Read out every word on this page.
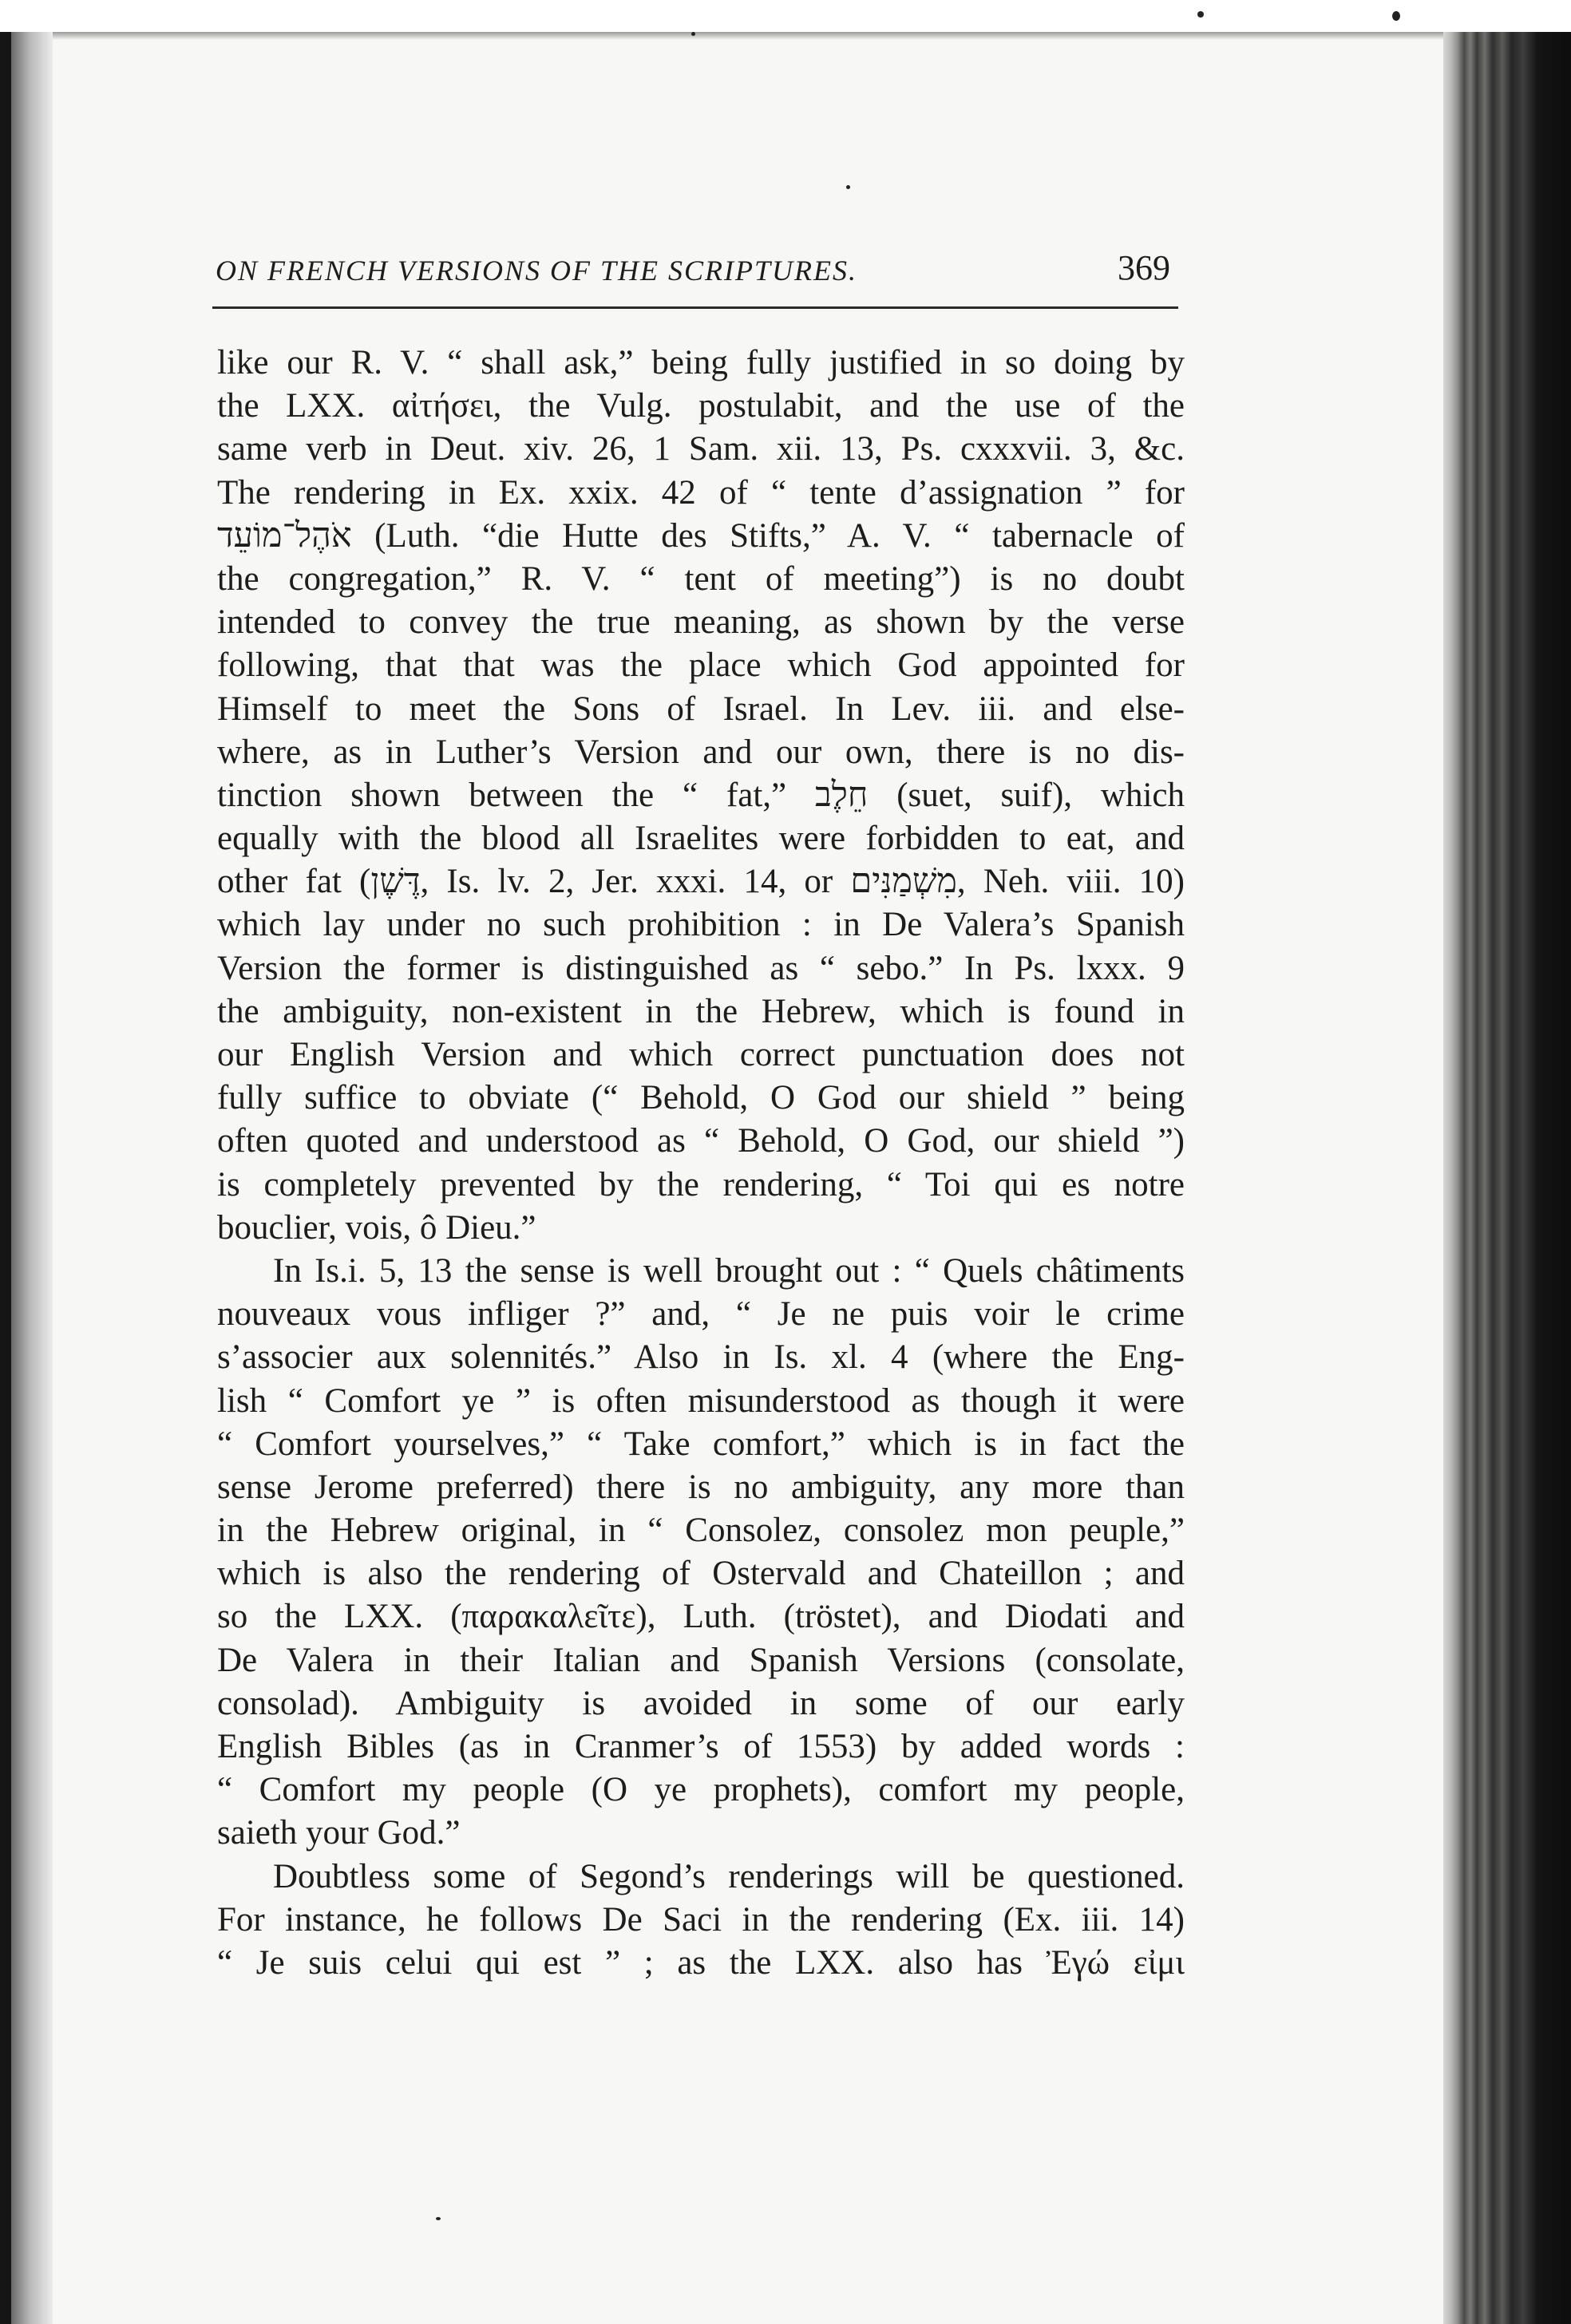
ON FRENCH VERSIONS OF THE SCRIPTURES.	369
like our R. V. “ shall ask,” being fully justified in so doing by
the LXX. αἰτήσει, the Vulg. postulabit, and the use of the
same verb in Deut. xiv. 26, 1 Sam. xii. 13, Ps. cxxxvii. 3, &c.
The rendering in Ex. xxix. 42 of “ tente d’assignation ” for
אֹהֶל־מוֹעֵד (Luth. “die Hutte des Stifts,” A. V. “ tabernacle of
the congregation,” R. V. “ tent of meeting”) is no doubt
intended to convey the true meaning, as shown by the verse
following, that that was the place which God appointed for
Himself to meet the Sons of Israel. In Lev. iii. and else-
where, as in Luther’s Version and our own, there is no dis-
tinction shown between the “ fat,” חֵלֶב (suet, suif), which
equally with the blood all Israelites were forbidden to eat, and
other fat (דֶּשֶׁן, Is. lv. 2, Jer. xxxi. 14, or מִשְׁמַנִּים, Neh. viii. 10)
which lay under no such prohibition : in De Valera’s Spanish
Version the former is distinguished as “ sebo.” In Ps. lxxx. 9
the ambiguity, non-existent in the Hebrew, which is found in
our English Version and which correct punctuation does not
fully suffice to obviate (“ Behold, O God our shield ” being
often quoted and understood as “ Behold, O God, our shield ”)
is completely prevented by the rendering, “ Toi qui es notre
bouclier, vois, ô Dieu.”
In Is.i. 5, 13 the sense is well brought out : “ Quels châtiments
nouveaux vous infliger ?” and, “ Je ne puis voir le crime
s’associer aux solennités.” Also in Is. xl. 4 (where the Eng-
lish “ Comfort ye ” is often misunderstood as though it were
“ Comfort yourselves,” “ Take comfort,” which is in fact the
sense Jerome preferred) there is no ambiguity, any more than
in the Hebrew original, in “ Consolez, consolez mon peuple,”
which is also the rendering of Ostervald and Chateillon ; and
so the LXX. (παρακαλεῖτε), Luth. (tröstet), and Diodati and
De Valera in their Italian and Spanish Versions (consolate,
consolad). Ambiguity is avoided in some of our early
English Bibles (as in Cranmer’s of 1553) by added words :
“ Comfort my people (O ye prophets), comfort my people,
saieth your God.”
Doubtless some of Segond’s renderings will be questioned.
For instance, he follows De Saci in the rendering (Ex. iii. 14)
“ Je suis celui qui est ” ; as the LXX. also has Ἐγώ εἰμι
